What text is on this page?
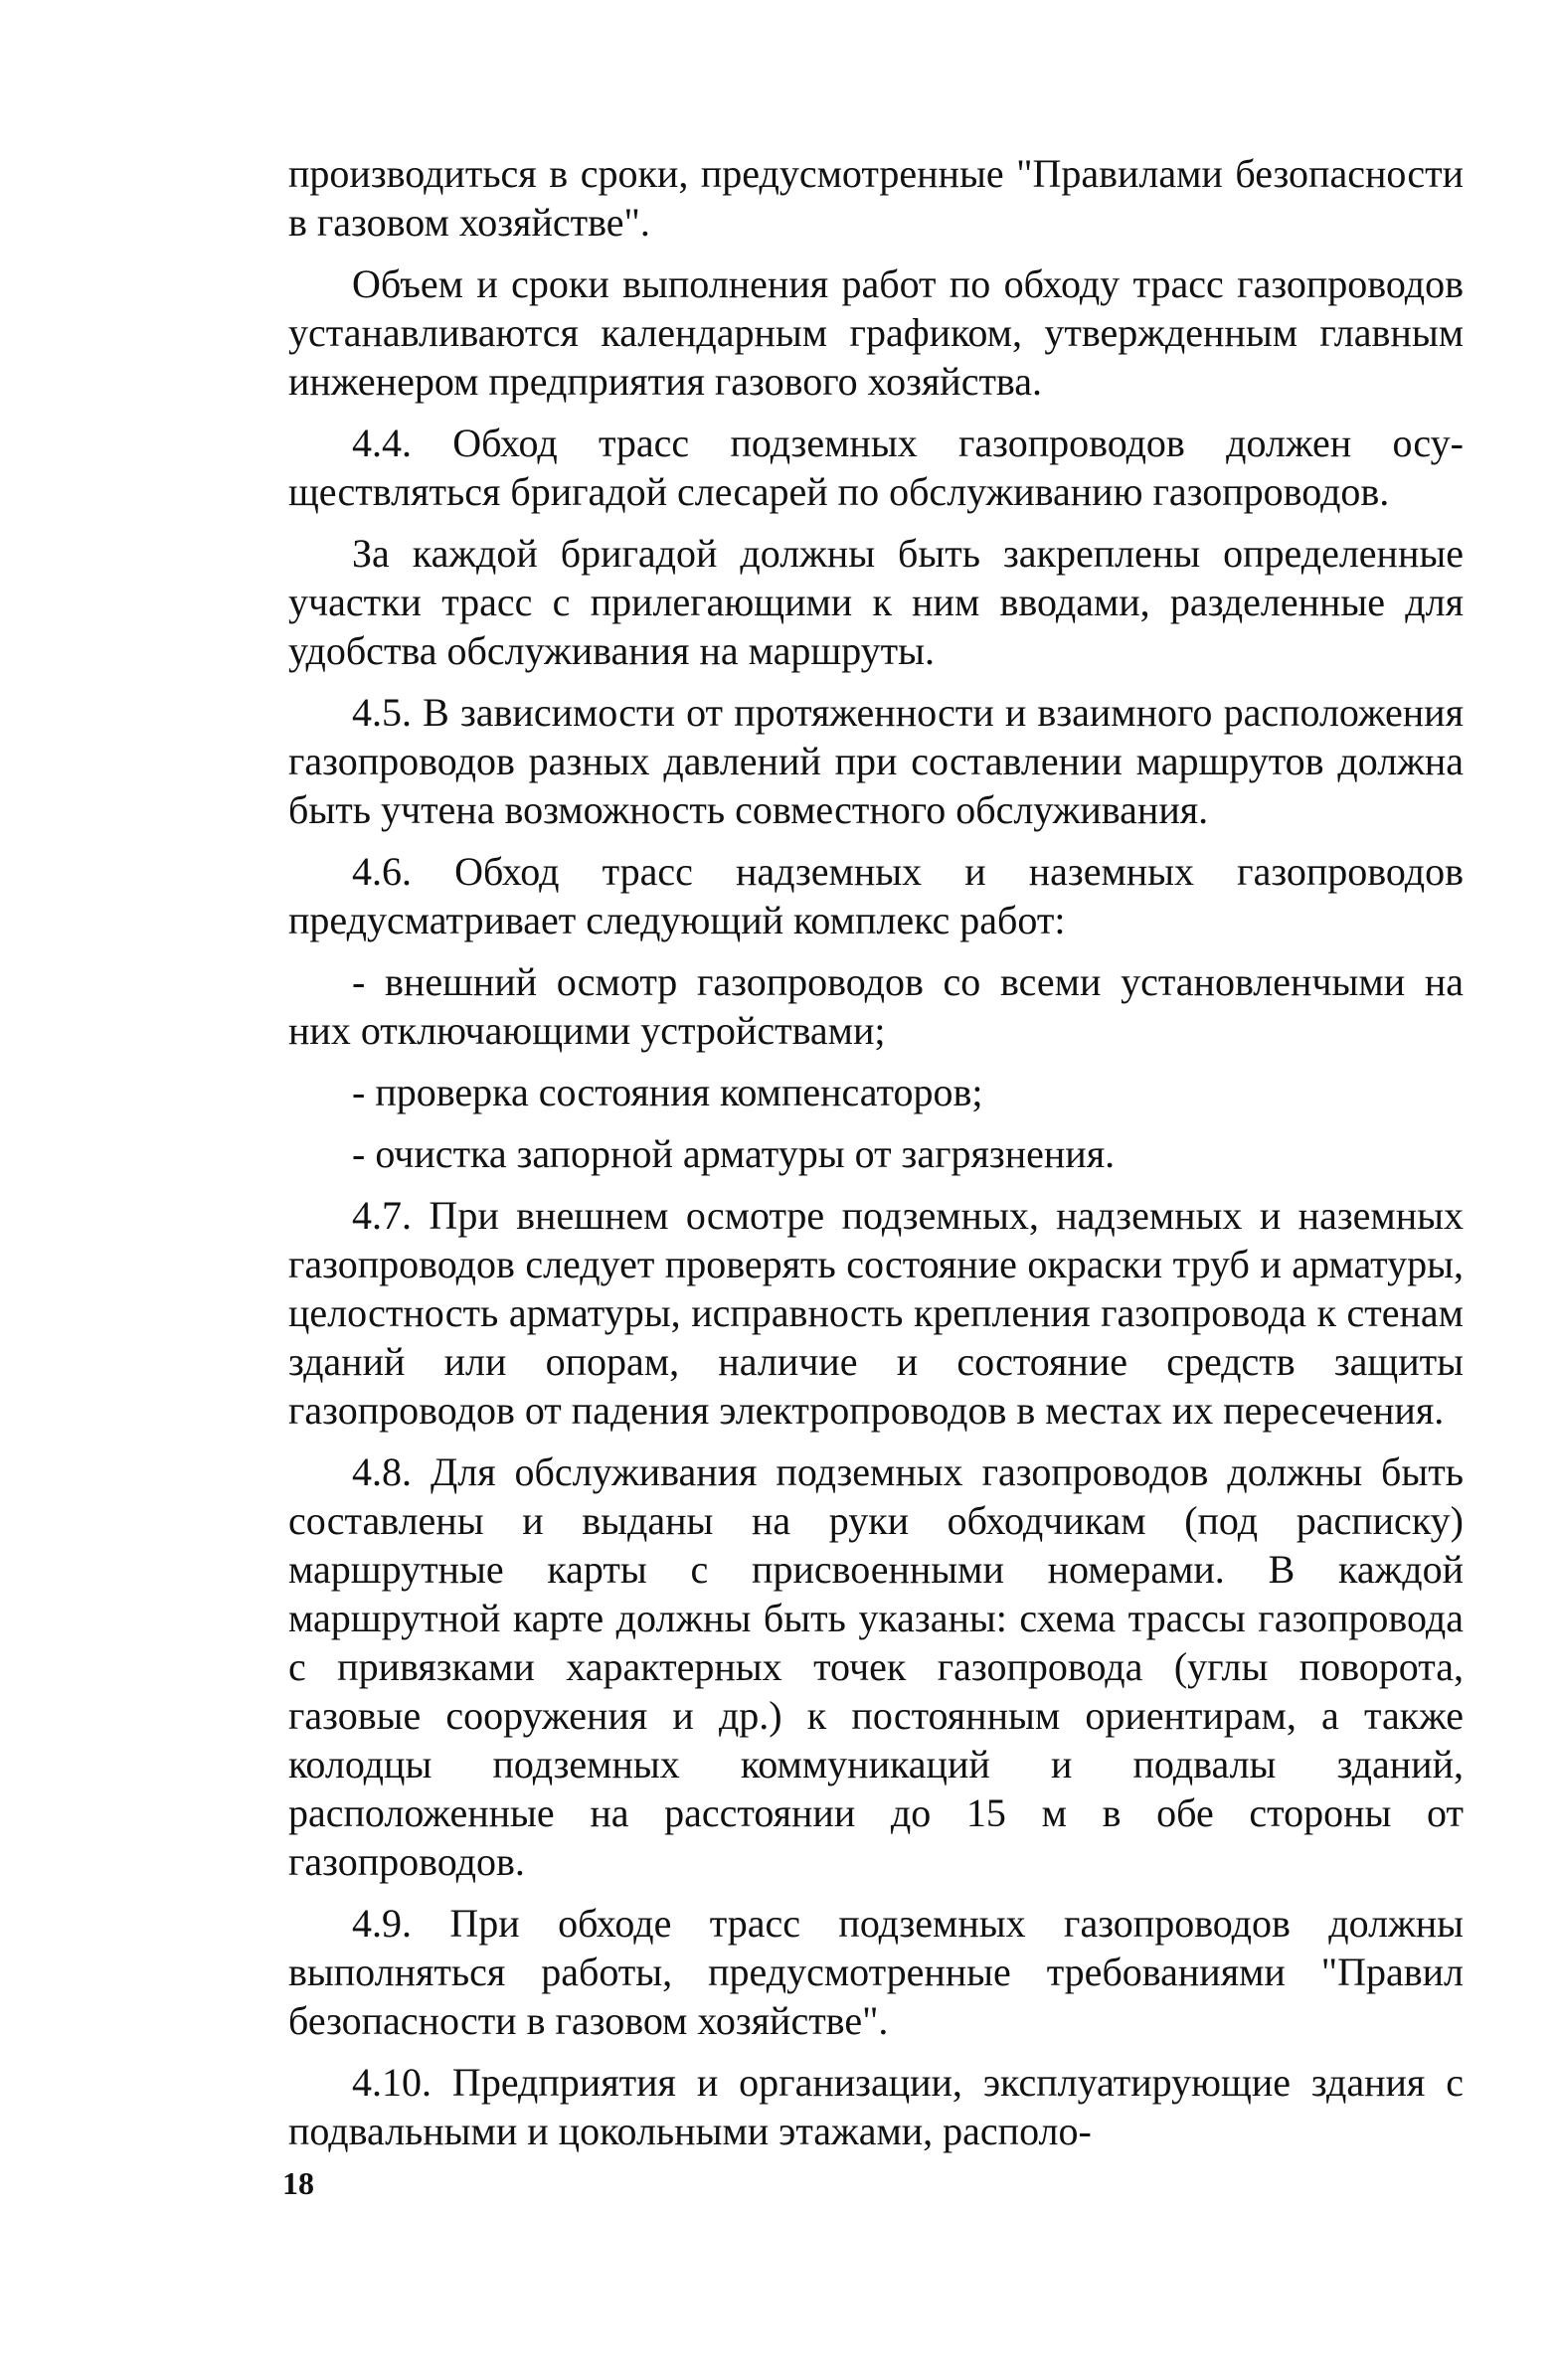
производиться в сроки, предусмотренные "Правилами безопасности в газовом хозяйстве".

Объем и сроки выполнения работ по обходу трасс газопроводов устанавливаются календарным графиком, утвержденным главным инженером предприятия газового хозяйства.

4.4. Обход трасс подземных газопроводов должен осуществляться бригадой слесарей по обслуживанию газопроводов.

За каждой бригадой должны быть закреплены определенные участки трасс с прилегающими к ним вводами, разделенные для удобства обслуживания на маршруты.

4.5. В зависимости от протяженности и взаимного расположения газопроводов разных давлений при составлении маршрутов должна быть учтена возможность совместного обслуживания.

4.6. Обход трасс надземных и наземных газопроводов предусматривает следующий комплекс работ:

- внешний осмотр газопроводов со всеми установленчыми на них отключающими устройствами;

- проверка состояния компенсаторов;

- очистка запорной арматуры от загрязнения.

4.7. При внешнем осмотре подземных, надземных и наземных газопроводов следует проверять состояние окраски труб и арматуры, целостность арматуры, исправность крепления газопровода к стенам зданий или опорам, наличие и состояние средств защиты газопроводов от падения электропроводов в местах их пересечения.

4.8. Для обслуживания подземных газопроводов должны быть составлены и выданы на руки обходчикам (под расписку) маршрутные карты с присвоенными номерами. В каждой маршрутной карте должны быть указаны: схема трассы газопровода с привязками характерных точек газопровода (углы поворота, газовые сооружения и др.) к постоянным ориентирам, а также колодцы подземных коммуникаций и подвалы зданий, расположенные на расстоянии до 15 м в обе стороны от газопроводов.

4.9. При обходе трасс подземных газопроводов должны выполняться работы, предусмотренные требованиями "Правил безопасности в газовом хозяйстве".

4.10. Предприятия и организации, эксплуатирующие здания с подвальными и цокольными этажами, располо-

18
